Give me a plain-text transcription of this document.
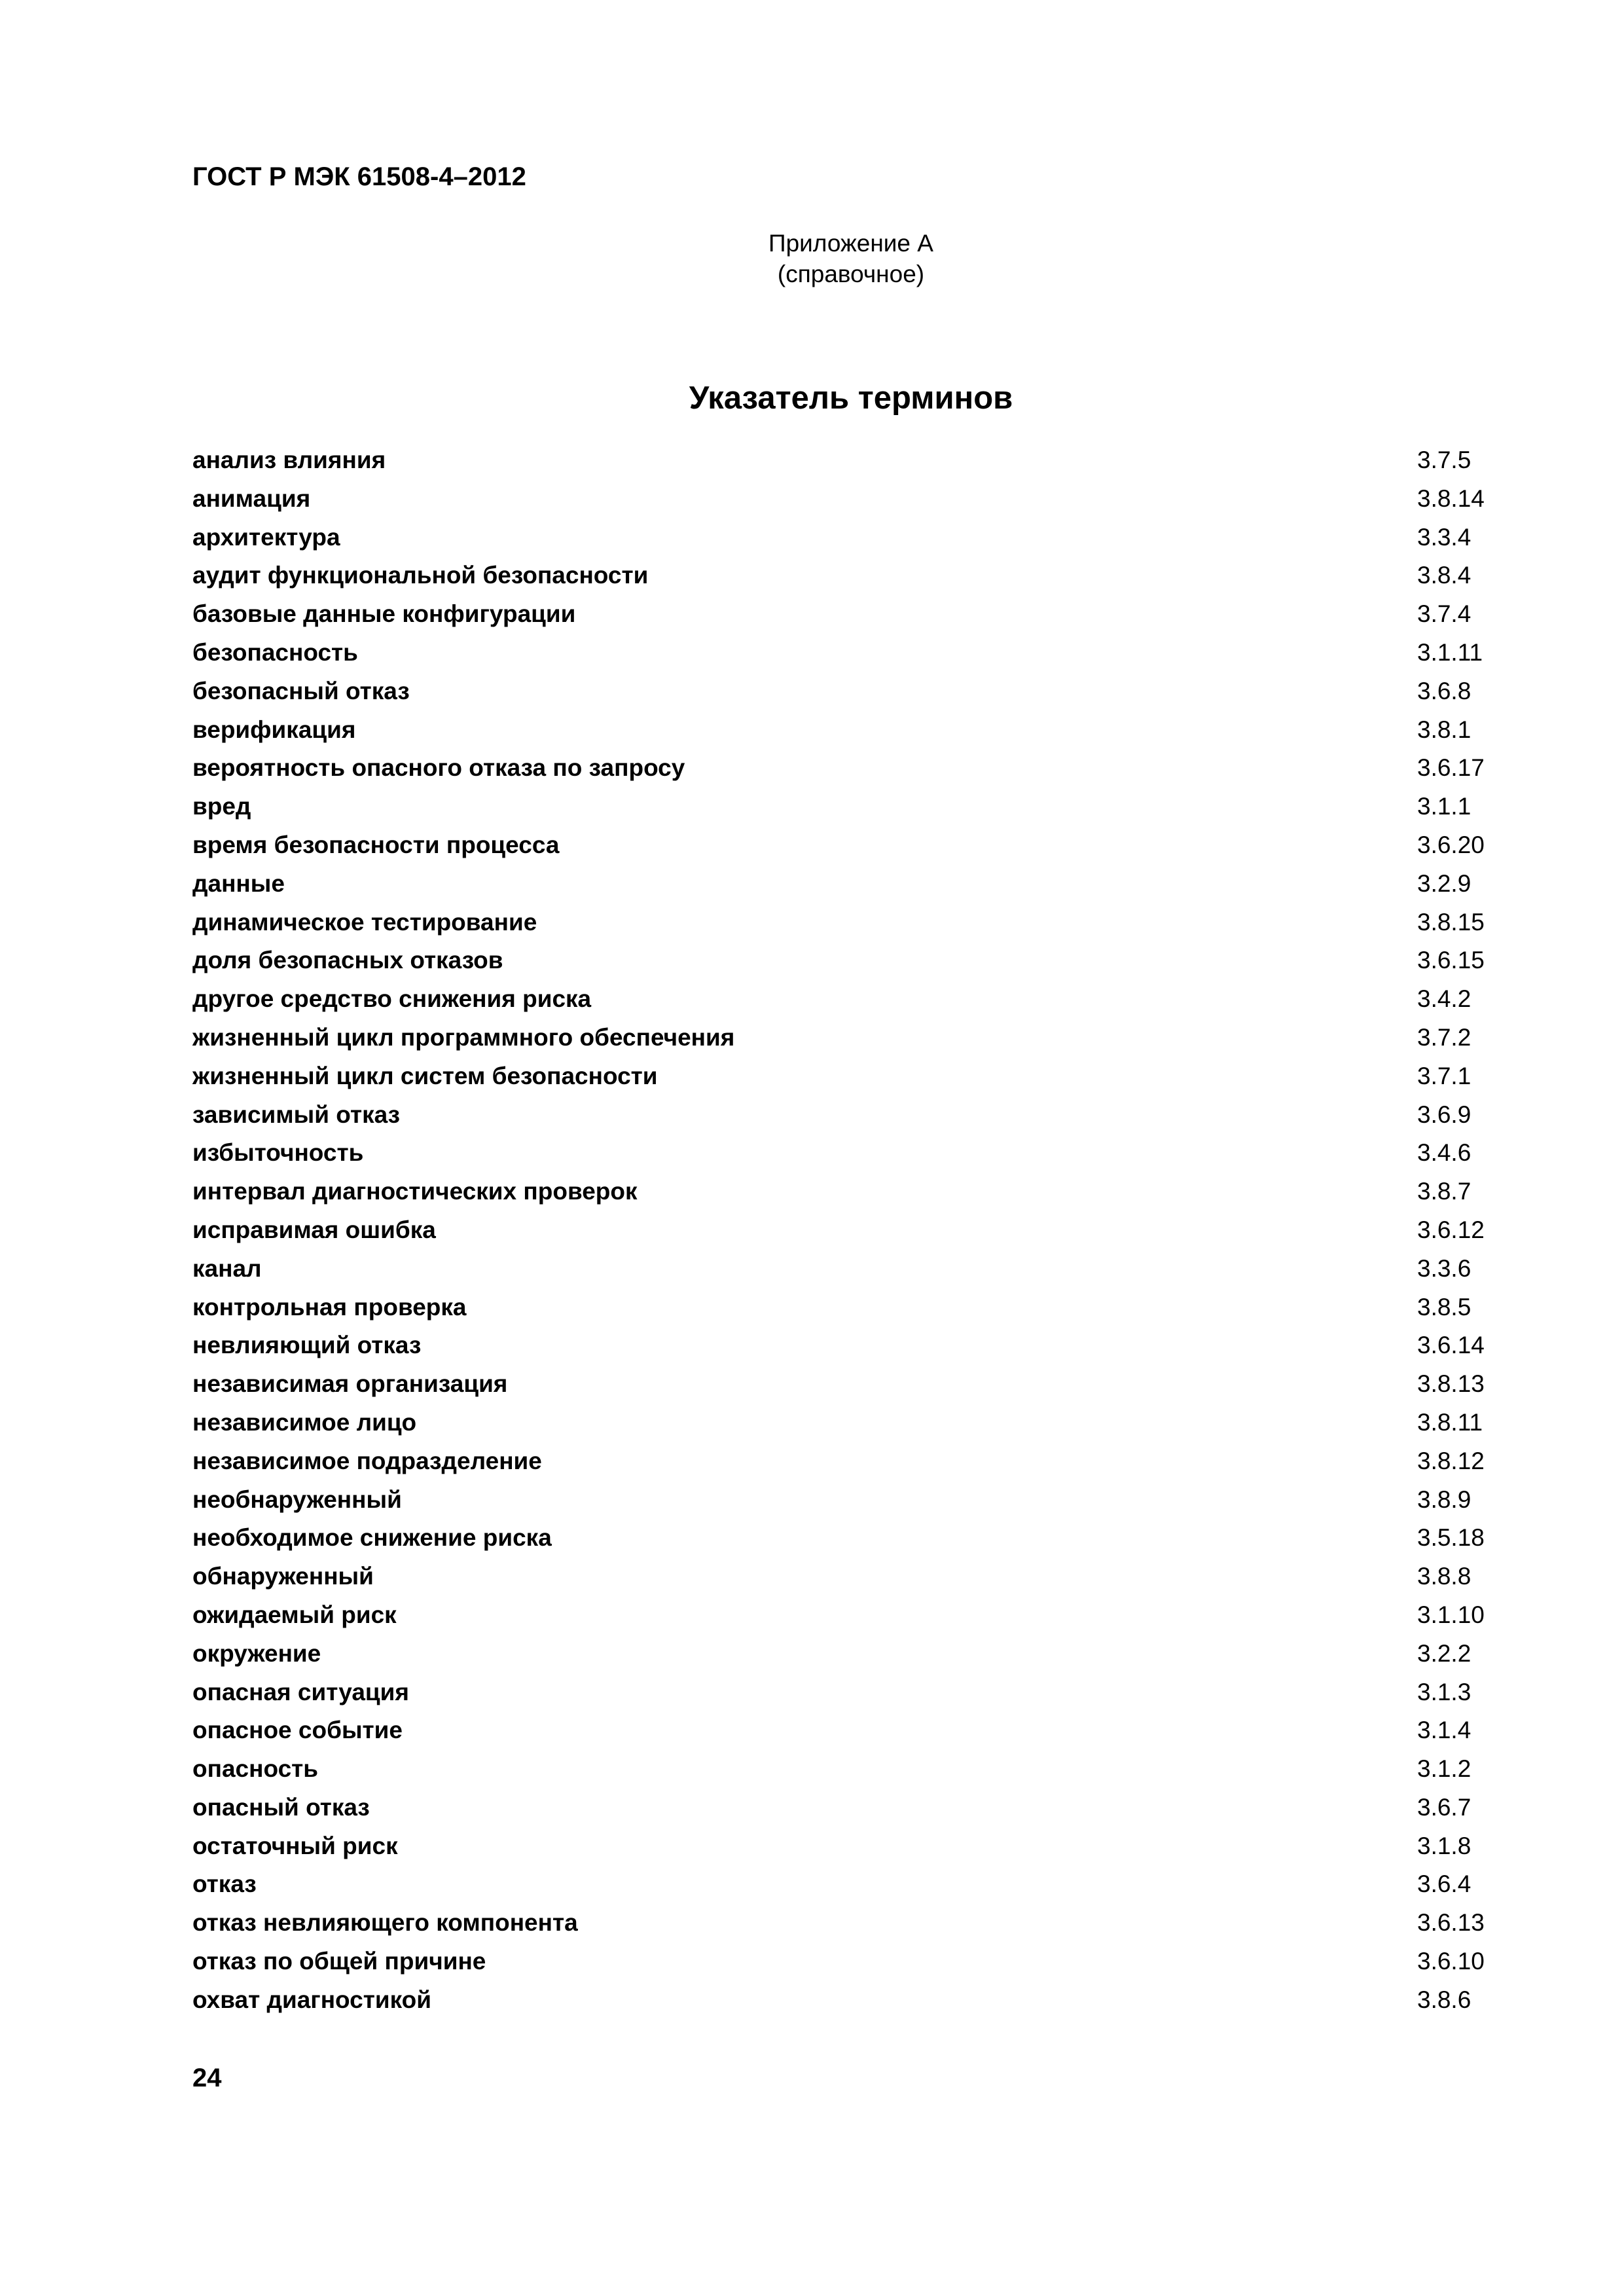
ГОСТ Р МЭК 61508-4–2012
Приложение А
(справочное)
Указатель терминов
анализ влияния	3.7.5
анимация	3.8.14
архитектура	3.3.4
аудит функциональной безопасности	3.8.4
базовые данные конфигурации	3.7.4
безопасность	3.1.11
безопасный отказ	3.6.8
верификация	3.8.1
вероятность опасного отказа по запросу	3.6.17
вред	3.1.1
время безопасности процесса	3.6.20
данные	3.2.9
динамическое тестирование	3.8.15
доля безопасных отказов	3.6.15
другое средство снижения риска	3.4.2
жизненный цикл программного обеспечения	3.7.2
жизненный цикл систем безопасности	3.7.1
зависимый отказ	3.6.9
избыточность	3.4.6
интервал диагностических проверок	3.8.7
исправимая ошибка	3.6.12
канал	3.3.6
контрольная проверка	3.8.5
невлияющий отказ	3.6.14
независимая организация	3.8.13
независимое лицо	3.8.11
независимое подразделение	3.8.12
необнаруженный	3.8.9
необходимое снижение риска	3.5.18
обнаруженный	3.8.8
ожидаемый риск	3.1.10
окружение	3.2.2
опасная ситуация	3.1.3
опасное событие	3.1.4
опасность	3.1.2
опасный отказ	3.6.7
остаточный риск	3.1.8
отказ	3.6.4
отказ невлияющего компонента	3.6.13
отказ по общей причине	3.6.10
охват диагностикой	3.8.6
24
